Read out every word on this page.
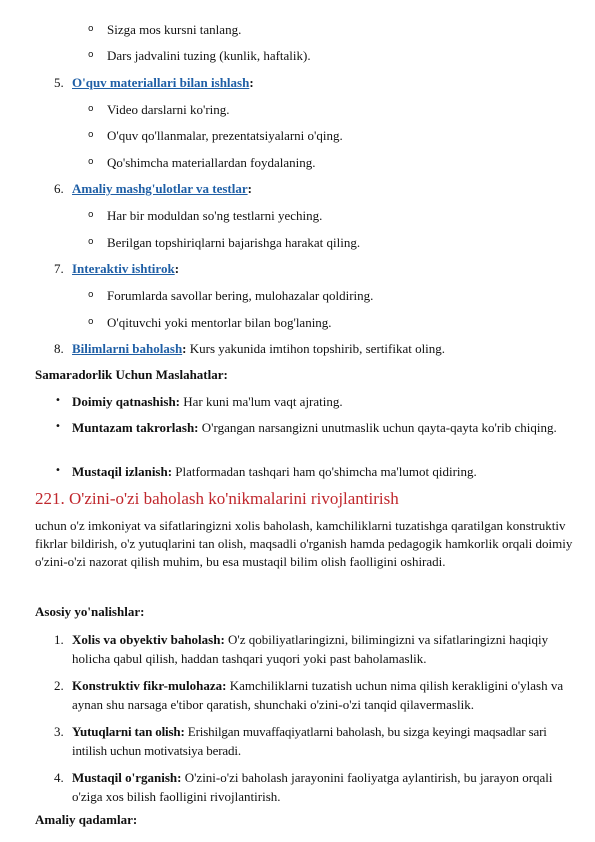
o Sizga mos kursni tanlang.
o Dars jadvalini tuzing (kunlik, haftalik).
5. O'quv materiallari bilan ishlash:
o Video darslarni ko'ring.
o O'quv qo'llanmalar, prezentatsiyalarni o'qing.
o Qo'shimcha materiallardan foydalaning.
6. Amaliy mashg'ulotlar va testlar:
o Har bir moduldan so'ng testlarni yeching.
o Berilgan topshiriqlarni bajarishga harakat qiling.
7. Interaktiv ishtirok:
o Forumlarda savollar bering, mulohazalar qoldiring.
o O'qituvchi yoki mentorlar bilan bog'laning.
8. Bilimlarni baholash: Kurs yakunida imtihon topshirib, sertifikat oling.
Samaradorlik Uchun Maslahatlar:
• Doimiy qatnashish: Har kuni ma'lum vaqt ajrating.
• Muntazam takrorlash: O'rgangan narsangizni unutmaslik uchun qayta-qayta ko'rib chiqing.
• Mustaqil izlanish: Platformadan tashqari ham qo'shimcha ma'lumot qidiring.
221. O'zini-o'zi baholash ko'nikmalarini rivojlantirish
uchun o'z imkoniyat va sifatlaringizni xolis baholash, kamchiliklarni tuzatishga qaratilgan konstruktiv fikrlar bildirish, o'z yutuqlarini tan olish, maqsadli o'rganish hamda pedagogik hamkorlik orqali doimiy o'zini-o'zi nazorat qilish muhim, bu esa mustaqil bilim olish faolligini oshiradi.
Asosiy yo'nalishlar:
1. Xolis va obyektiv baholash: O'z qobiliyatlaringizni, bilimingizni va sifatlaringizni haqiqiy holicha qabul qilish, haddan tashqari yuqori yoki past baholamaslik.
2. Konstruktiv fikr-mulohaza: Kamchiliklarni tuzatish uchun nima qilish kerakligini o'ylash va aynan shu narsaga e'tibor qaratish, shunchaki o'zini-o'zi tanqid qilavermaslik.
3. Yutuqlarni tan olish: Erishilgan muvaffaqiyatlarni baholash, bu sizga keyingi maqsadlar sari intilish uchun motivatsiya beradi.
4. Mustaqil o'rganish: O'zini-o'zi baholash jarayonini faoliyatga aylantirish, bu jarayon orqali o'ziga xos bilish faolligini rivojlantirish.
Amaliy qadamlar:
